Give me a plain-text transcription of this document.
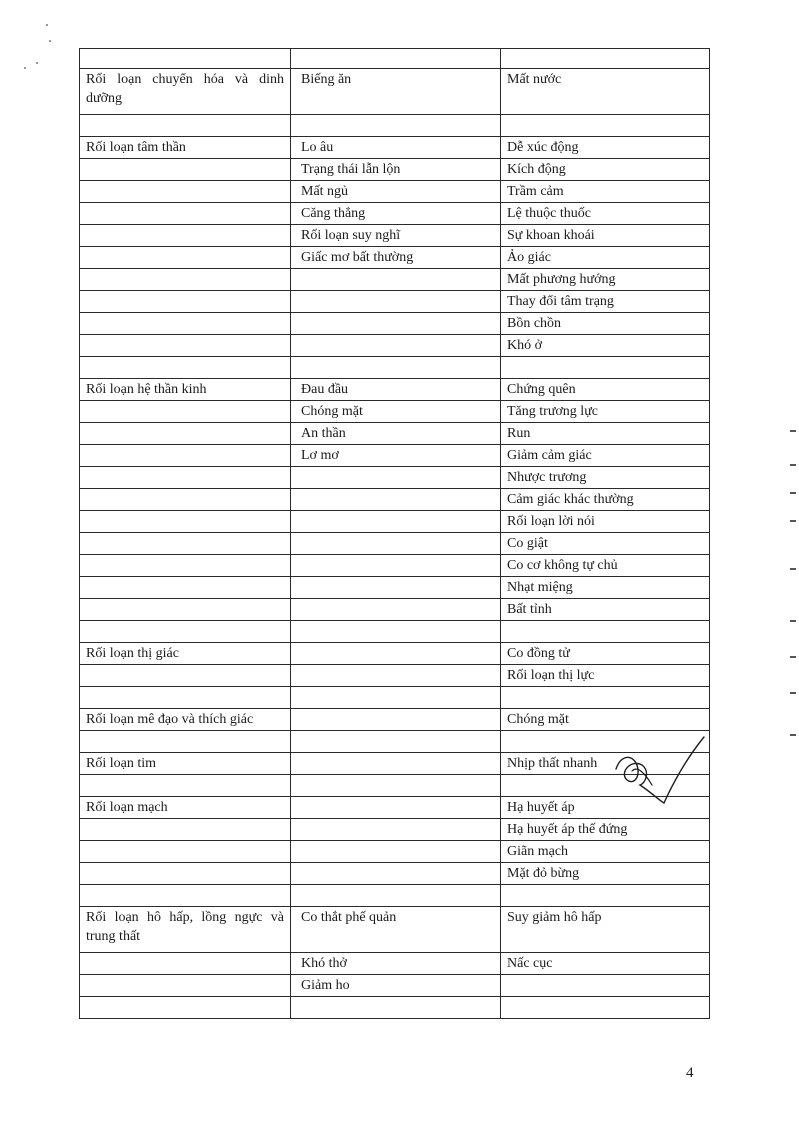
Rối loạn chuyển hóa và dinh dưỡng	Biếng ăn	Mất nước

Rối loạn tâm thần	Lo âu	Dễ xúc động
	Trạng thái lẫn lộn	Kích động
	Mất ngủ	Trầm cảm
	Căng thẳng	Lệ thuộc thuốc
	Rối loạn suy nghĩ	Sự khoan khoái
	Giấc mơ bất thường	Ảo giác
		Mất phương hướng
		Thay đổi tâm trạng
		Bồn chồn
		Khó ở

Rối loạn hệ thần kinh	Đau đầu	Chứng quên
	Chóng mặt	Tăng trương lực
	An thần	Run
	Lơ mơ	Giảm cảm giác
		Nhược trương
		Cảm giác khác thường
		Rối loạn lời nói
		Co giật
		Co cơ không tự chủ
		Nhạt miệng
		Bất tỉnh

Rối loạn thị giác		Co đồng tử
		Rối loạn thị lực

Rối loạn mê đạo và thích giác		Chóng mặt

Rối loạn tim		Nhịp thất nhanh

Rối loạn mạch		Hạ huyết áp
		Hạ huyết áp thế đứng
		Giãn mạch
		Mặt đỏ bừng

Rối loạn hô hấp, lồng ngực và trung thất	Co thắt phế quản	Suy giảm hô hấp
	Khó thở	Nấc cục
	Giảm ho	

4
